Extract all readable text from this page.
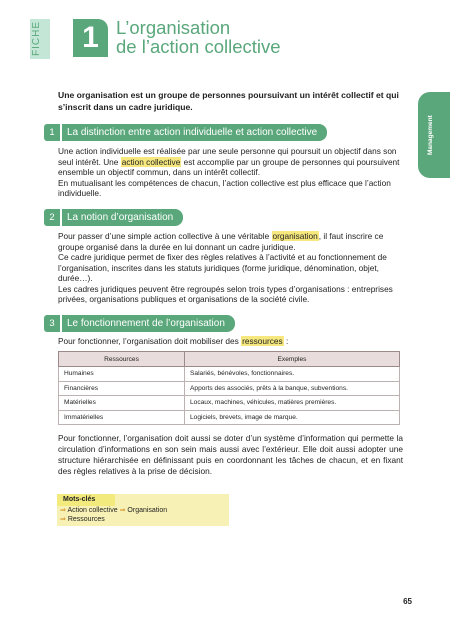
FICHE	1 L’organisation
de l’action collective
Management
Une organisation est un groupe de personnes poursuivant un intérêt collectif et qui s’inscrit dans un cadre juridique.
1	La distinction entre action individuelle et action collective

Une action individuelle est réalisée par une seule personne qui poursuit un objectif dans son seul intérêt. Une action collective est accomplie par un groupe de personnes qui poursuivent ensemble un objectif commun, dans un intérêt collectif.

En mutualisant les compétences de chacun, l’action collective est plus efficace que l’action individuelle.

2	La notion d’organisation

Pour passer d’une simple action collective à une véritable organisation, il faut inscrire ce groupe organisé dans la durée en lui donnant un cadre juridique.

Ce cadre juridique permet de fixer des règles relatives à l’activité et au fonctionnement de l’organisation, inscrites dans les statuts juridiques (forme juridique, dénomination, objet, durée…).

Les cadres juridiques peuvent être regroupés selon trois types d’organisations : entreprises privées, organisations publiques et organisations de la société civile.

3	Le fonctionnement de l’organisation

Pour fonctionner, l’organisation doit mobiliser des ressources :

Ressources	Exemples
Humaines	Salariés, bénévoles, fonctionnaires.
Financières	Apports des associés, prêts à la banque, subventions.
Matérielles	Locaux, machines, véhicules, matières premières.
Immatérielles	Logiciels, brevets, image de marque.

Pour fonctionner, l’organisation doit aussi se doter d’un système d’information qui permette la circulation d’informations en son sein mais aussi avec l’extérieur. Elle doit aussi adopter une structure hiérarchisée en définissant puis en coordonnant les tâches de chacun, et en fixant des règles relatives à la prise de décision.

Mots-clés
⇒ Action collective ⇒ Organisation
⇒ Ressources
65
